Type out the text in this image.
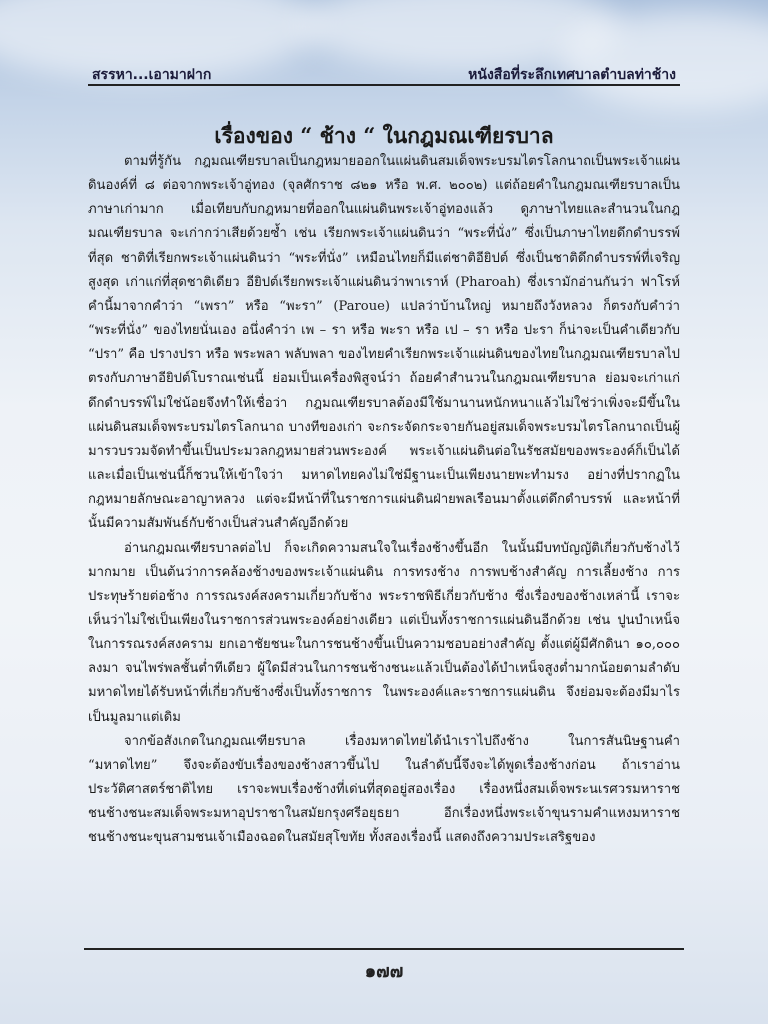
สรรหา...เอามาฝาก	หนังสือที่ระลึกเทศบาลตำบลท่าช้าง
เรื่องของ “ ช้าง “ ในกฎมณเฑียรบาล

ตามที่รู้กัน กฎมณเฑียรบาลเป็นกฎหมายออกในแผ่นดินสมเด็จพระบรมไตรโลกนาถเป็นพระเจ้าแผ่นดินองค์ที่ ๘ ต่อจากพระเจ้าอู่ทอง (จุลศักราช ๘๒๑ หรือ พ.ศ. ๒๐๐๒) แต่ถ้อยคำในกฎมณเฑียรบาลเป็นภาษาเก่ามาก เมื่อเทียบกับกฎหมายที่ออกในแผ่นดินพระเจ้าอู่ทองแล้ว ดูภาษาไทยและสำนวนในกฎมณเฑียรบาล จะเก่ากว่าเสียด้วยซ้ำ เช่น เรียกพระเจ้าแผ่นดินว่า “พระที่นั่ง” ซึ่งเป็นภาษาไทยดึกดำบรรพ์ที่สุด ชาติที่เรียกพระเจ้าแผ่นดินว่า “พระที่นั่ง” เหมือนไทยก็มีแต่ชาติอียิปต์ ซึ่งเป็นชาติดึกดำบรรพ์ที่เจริญสูงสุด เก่าแก่ที่สุดชาติเดียว อียิปต์เรียกพระเจ้าแผ่นดินว่าพาเราห์ (Pharoah) ซึ่งเรามักอ่านกันว่า ฟาโรห์ คำนี้มาจากคำว่า “เพรา” หรือ “พะรา” (Paroue) แปลว่าบ้านใหญ่ หมายถึงวังหลวง ก็ตรงกับคำว่า “พระที่นั่ง” ของไทยนั่นเอง อนึ่งคำว่า เพ – รา หรือ พะรา หรือ เป – รา หรือ ปะรา ก็น่าจะเป็นคำเดียวกับ “ปรา” คือ ปรางปรา หรือ พระพลา พลับพลา ของไทยคำเรียกพระเจ้าแผ่นดินของไทยในกฎมณเฑียรบาลไปตรงกับภาษาอียิปต์โบราณเช่นนี้ ย่อมเป็นเครื่องพิสูจน์ว่า ถ้อยคำสำนวนในกฎมณเฑียรบาล ย่อมจะเก่าแก่ดึกดำบรรพ์ไม่ใช่น้อยจึงทำให้เชื่อว่า กฎมณเฑียรบาลต้องมีใช้มานานหนักหนาแล้วไม่ใช่ว่าเพิ่งจะมีขึ้นในแผ่นดินสมเด็จพระบรมไตรโลกนาถ บางทีของเก่า จะกระจัดกระจายกันอยู่สมเด็จพระบรมไตรโลกนาถเป็นผู้มารวบรวมจัดทำขึ้นเป็นประมวลกฎหมายส่วนพระองค์ พระเจ้าแผ่นดินต่อในรัชสมัยของพระองค์ก็เป็นได้ และเมื่อเป็นเช่นนี้ก็ชวนให้เข้าใจว่า มหาดไทยคงไม่ใช่มีฐานะเป็นเพียงนายพะทำมรง อย่างที่ปรากฏในกฎหมายลักษณะอาญาหลวง แต่จะมีหน้าที่ในราชการแผ่นดินฝ่ายพลเรือนมาตั้งแต่ดึกดำบรรพ์ และหน้าที่นั้นมีความสัมพันธ์กับช้างเป็นส่วนสำคัญอีกด้วย

อ่านกฎมณเฑียรบาลต่อไป ก็จะเกิดความสนใจในเรื่องช้างขึ้นอีก ในนั้นมีบทบัญญัติเกี่ยวกับช้างไว้มากมาย เป็นต้นว่าการคล้องช้างของพระเจ้าแผ่นดิน การทรงช้าง การพบช้างสำคัญ การเลี้ยงช้าง การประทุษร้ายต่อช้าง การรณรงค์สงครามเกี่ยวกับช้าง พระราชพิธีเกี่ยวกับช้าง ซึ่งเรื่องของช้างเหล่านี้ เราจะเห็นว่าไม่ใช่เป็นเพียงในราชการส่วนพระองค์อย่างเดียว แต่เป็นทั้งราชการแผ่นดินอีกด้วย เช่น ปูนบำเหน็จในการรณรงค์สงคราม ยกเอาชัยชนะในการชนช้างขึ้นเป็นความชอบอย่างสำคัญ ตั้งแต่ผู้มีศักดินา ๑๐,๐๐๐ ลงมา จนไพร่พลชั้นต่ำทีเดียว ผู้ใดมีส่วนในการชนช้างชนะแล้วเป็นต้องได้บำเหน็จสูงต่ำมากน้อยตามลำดับ มหาดไทยได้รับหน้าที่เกี่ยวกับช้างซึ่งเป็นทั้งราชการ ในพระองค์และราชการแผ่นดิน จึงย่อมจะต้องมีมาไรเป็นมูลมาแต่เดิม

จากข้อสังเกตในกฎมณเฑียรบาล เรื่องมหาดไทยได้นำเราไปถึงช้าง ในการสันนิษฐานคำ “มหาดไทย” จึงจะต้องขับเรื่องของช้างสาวขึ้นไป ในลำดับนี้จึงจะได้พูดเรื่องช้างก่อน ถ้าเราอ่านประวัติศาสตร์ชาติไทย เราจะพบเรื่องช้างที่เด่นที่สุดอยู่สองเรื่อง เรื่องหนึ่งสมเด็จพระนเรศวรมหาราชชนช้างชนะสมเด็จพระมหาอุปราชาในสมัยกรุงศรีอยุธยา อีกเรื่องหนึ่งพระเจ้าขุนรามคำแหงมหาราชชนช้างชนะขุนสามชนเจ้าเมืองฉอดในสมัยสุโขทัย ทั้งสองเรื่องนี้ แสดงถึงความประเสริฐของ

๑๗๗
